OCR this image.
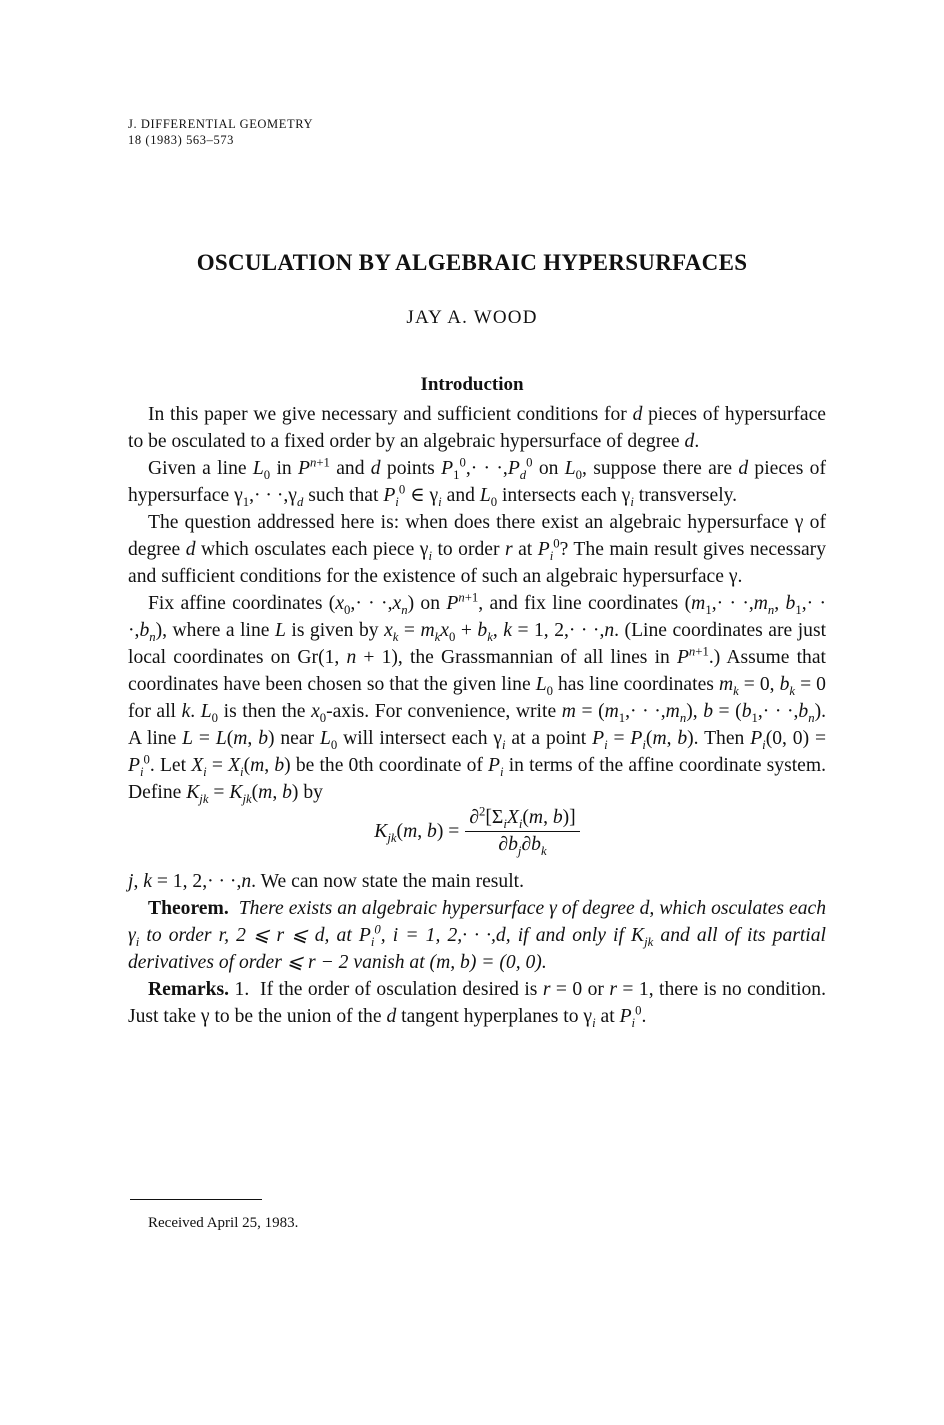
J. DIFFERENTIAL GEOMETRY
18 (1983) 563–573
OSCULATION BY ALGEBRAIC HYPERSURFACES
JAY A. WOOD
Introduction

In this paper we give necessary and sufficient conditions for d pieces of hypersurface to be osculated to a fixed order by an algebraic hypersurface of degree d.

Given a line $L_0$ in $P^{n+1}$ and d points $P_1^0,\cdot \cdot \cdot,P_d^0$ on $L_0$, suppose there are d pieces of hypersurface $\gamma_1,\cdot \cdot \cdot,\gamma_d$ such that $P_i^0$ ∈ $\gamma_i$ and $L_0$ intersects each $\gamma_i$ transversely.

The question addressed here is: when does there exist an algebraic hypersurface γ of degree d which osculates each piece $\gamma_i$ to order r at $P_i^0$? The main result gives necessary and sufficient conditions for the existence of such an algebraic hypersurface γ.

Fix affine coordinates $(x_0,\cdot \cdot \cdot,x_n)$ on $P^{n+1}$, and fix line coordinates ($m_1,\cdot \cdot \cdot,m_n$, $b_1,\cdot \cdot \cdot,b_n$), where a line L is given by $x_k = m_kx_0 + b_k$, k = 1, 2,· · ·,n. (Line coordinates are just local coordinates on Gr(1, n + 1), the Grassmannian of all lines in $P^{n+1}$.) Assume that coordinates have been chosen so that the given line $L_0$ has line coordinates $m_k = 0$, $b_k = 0$ for all k. $L_0$ is then the $x_0$-axis. For convenience, write $m = (m_1,\cdot \cdot \cdot,m_n)$, $b = (b_1,\cdot \cdot \cdot,b_n)$. A line L = L(m, b) near $L_0$ will intersect each $\gamma_i$ at a point $P_i = P_i(m$, b). Then $P_i(0$, $0) = P_i^0$. Let $X_i = X_i(m$, b) be the 0th coordinate of $P_i$ in terms of the affine coordinate system. Define $K_{jk} = K_{jk}(m$, b) by

$K_{jk}(m$, $b) = \frac{\partial^2[\Sigma_iX_i(m, b)]}{\partial b_j\partial b_k}$

j, k = 1, 2,· · ·,n. We can now state the main result.

Theorem. There exists an algebraic hypersurface γ of degree d, which osculates each $\gamma_i$ to order r, 2 ⩽ r ⩽ d, at $P_i^0$, i = 1, 2,· · ·,d, if and only if $K_{jk}$ and all of its partial derivatives of order ⩽ r − 2 vanish at (m, b) = (0, 0).

Remarks. 1.  If the order of osculation desired is r = 0 or r = 1, there is no condition. Just take γ to be the union of the d tangent hyperplanes to $\gamma_i$ at $P_i^0$.

Received April 25, 1983.
